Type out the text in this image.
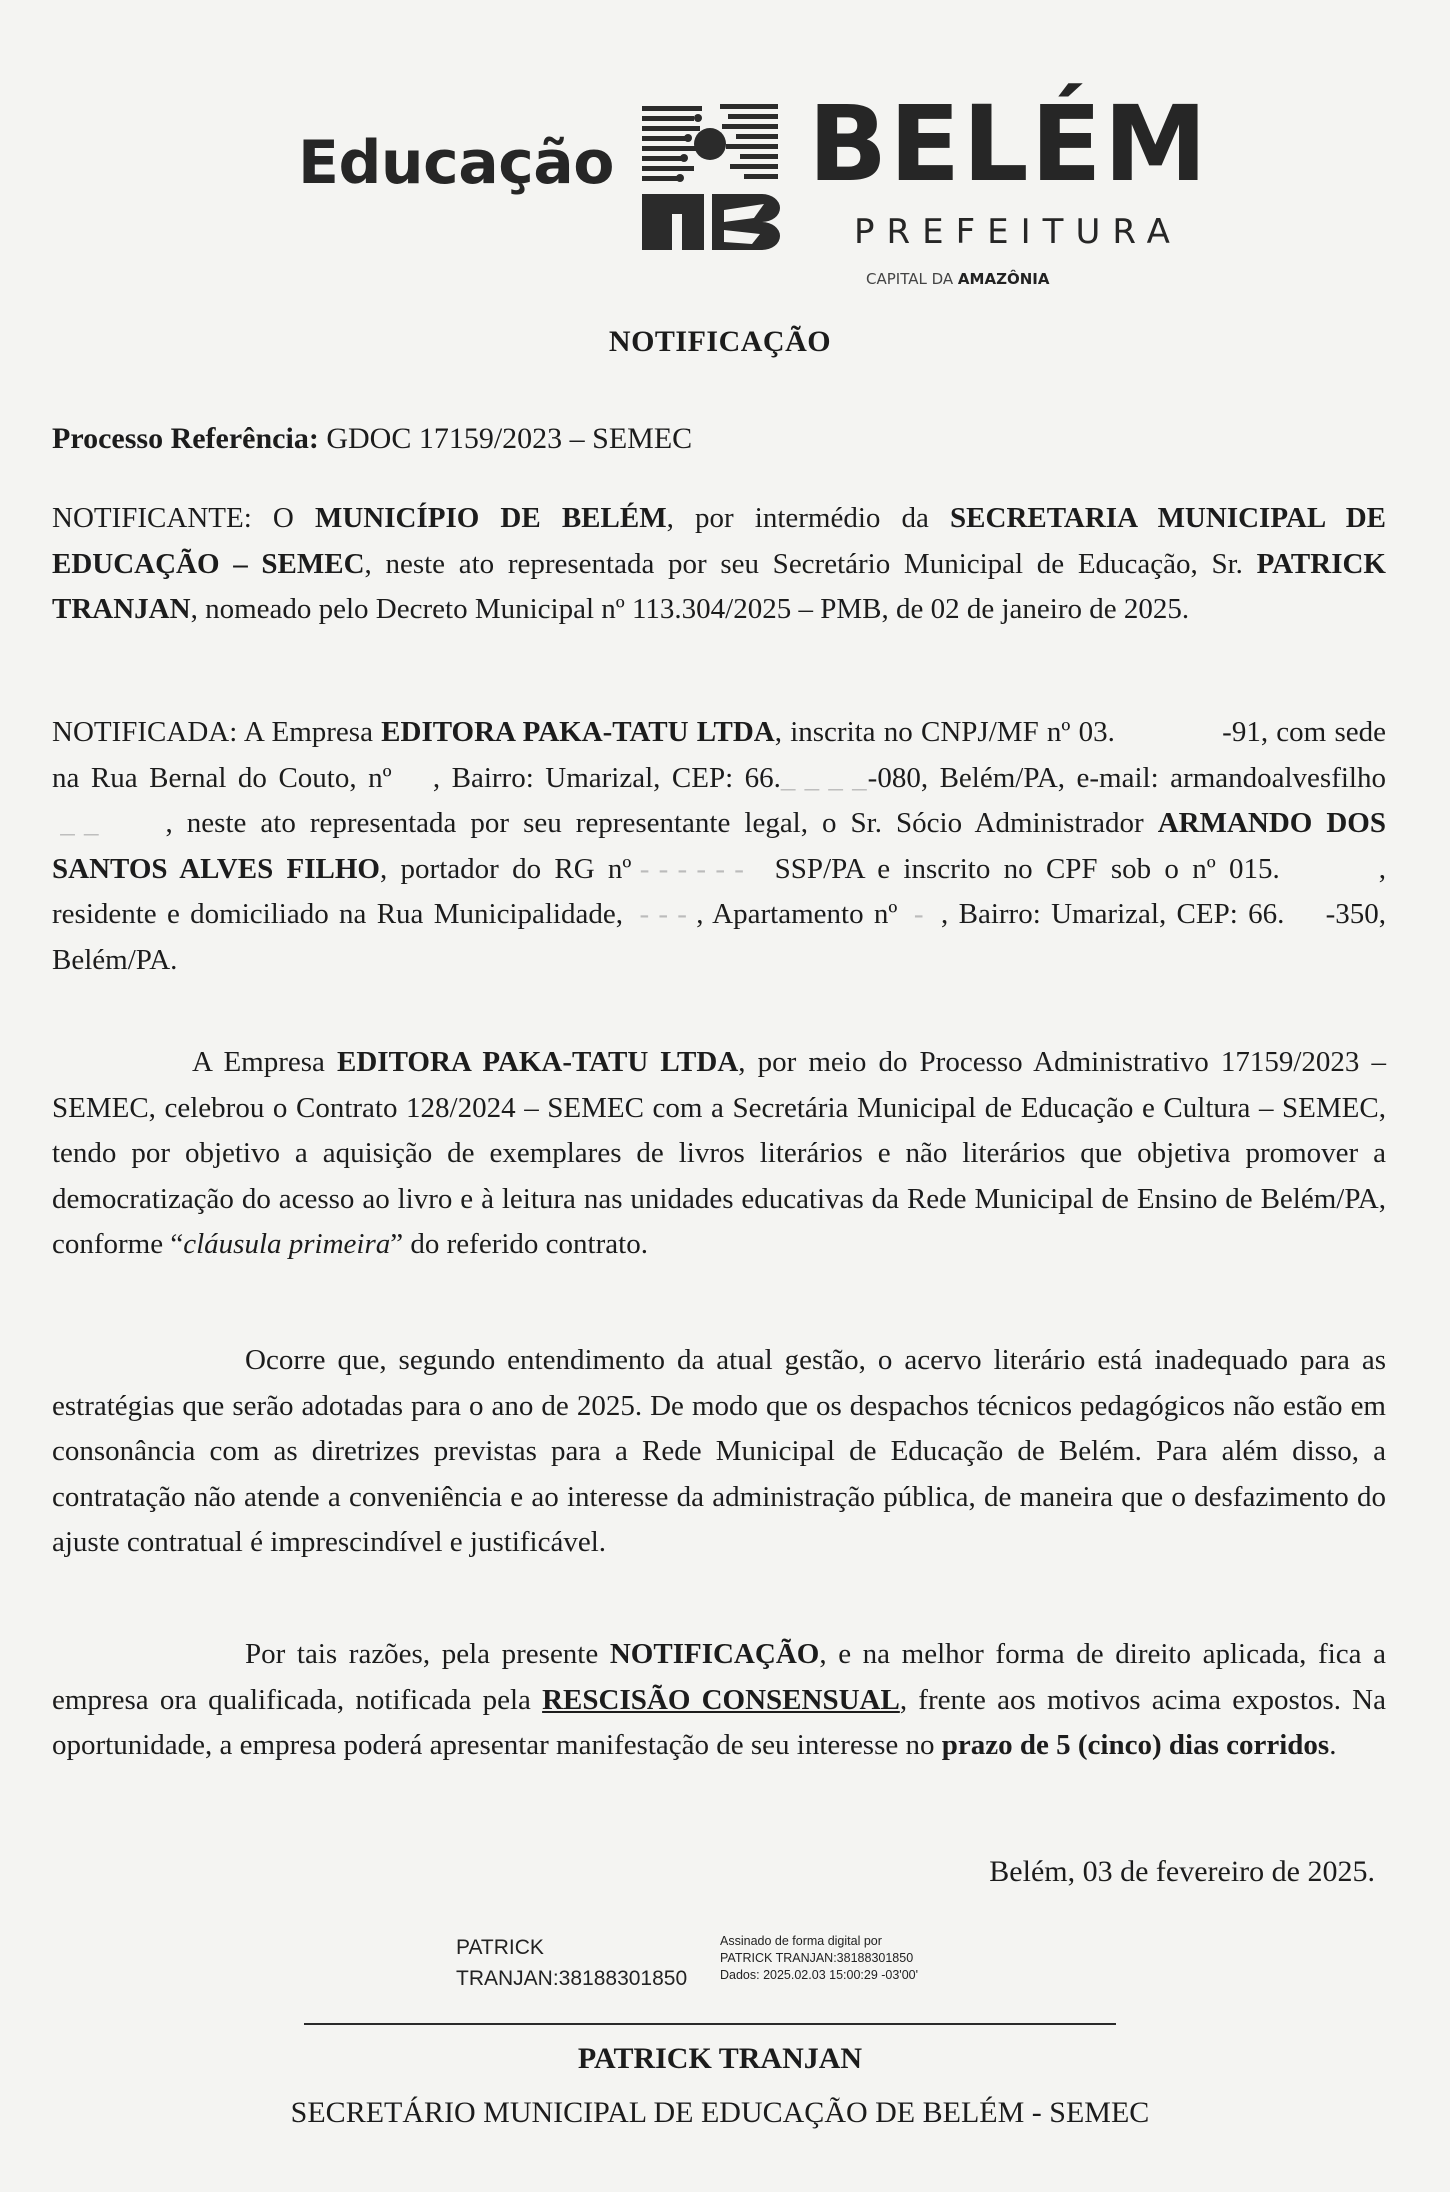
Educação BELÉM
PREFEITURA
CAPITAL DA AMAZÔNIA
NOTIFICAÇÃO
Processo Referência: GDOC 17159/2023 – SEMEC

NOTIFICANTE: O MUNICÍPIO DE BELÉM, por intermédio da SECRETARIA MUNICIPAL DE EDUCAÇÃO – SEMEC, neste ato representada por seu Secretário Municipal de Educação, Sr. PATRICK TRANJAN, nomeado pelo Decreto Municipal nº 113.304/2025 – PMB, de 02 de janeiro de 2025.

NOTIFICADA: A Empresa EDITORA PAKA-TATU LTDA, inscrita no CNPJ/MF nº 03.	-91, com sede na Rua Bernal do Couto, nº , Bairro: Umarizal, CEP: 66._ _ _ _-080, Belém/PA, e-mail: armandoalvesfilho _ _        , neste ato representada por seu representante legal, o Sr. Sócio Administrador ARMANDO DOS SANTOS ALVES FILHO, portador do RG nº - - - - - -   SSP/PA e inscrito no CPF sob o nº 015.	, residente e domiciliado na Rua Municipalidade,  - - - , Apartamento nº  -  , Bairro: Umarizal, CEP: 66. -350, Belém/PA.

A Empresa EDITORA PAKA-TATU LTDA, por meio do Processo Administrativo 17159/2023 – SEMEC, celebrou o Contrato 128/2024 – SEMEC com a Secretária Municipal de Educação e Cultura – SEMEC, tendo por objetivo a aquisição de exemplares de livros literários e não literários que objetiva promover a democratização do acesso ao livro e à leitura nas unidades educativas da Rede Municipal de Ensino de Belém/PA, conforme “cláusula primeira” do referido contrato.

Ocorre que, segundo entendimento da atual gestão, o acervo literário está inadequado para as estratégias que serão adotadas para o ano de 2025. De modo que os despachos técnicos pedagógicos não estão em consonância com as diretrizes previstas para a Rede Municipal de Educação de Belém. Para além disso, a contratação não atende a conveniência e ao interesse da administração pública, de maneira que o desfazimento do ajuste contratual é imprescindível e justificável.

Por tais razões, pela presente NOTIFICAÇÃO, e na melhor forma de direito aplicada, fica a empresa ora qualificada, notificada pela RESCISÃO CONSENSUAL, frente aos motivos acima expostos. Na oportunidade, a empresa poderá apresentar manifestação de seu interesse no prazo de 5 (cinco) dias corridos.

Belém, 03 de fevereiro de 2025.
PATRICK
TRANJAN:38188301850
Assinado de forma digital por
PATRICK TRANJAN:38188301850
Dados: 2025.02.03 15:00:29 -03'00'
PATRICK TRANJAN
SECRETÁRIO MUNICIPAL DE EDUCAÇÃO DE BELÉM - SEMEC
